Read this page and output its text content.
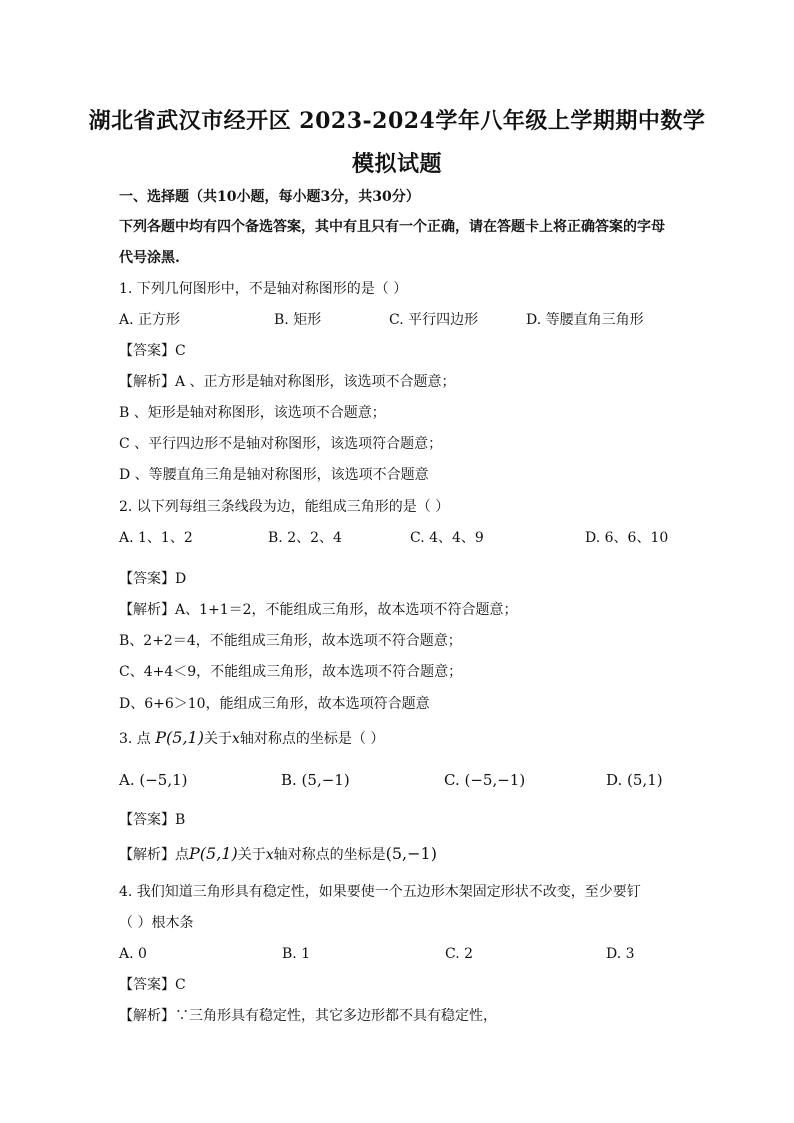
湖北省武汉市经开区 2023-2024学年八年级上学期期中数学
模拟试题
一、选择题（共10小题，每小题3分，共30分）
下列各题中均有四个备选答案，其中有且只有一个正确，请在答题卡上将正确答案的字母
代号涂黑.
1. 下列几何图形中，不是轴对称图形的是（ ）
A. 正方形	B. 矩形	C. 平行四边形	D. 等腰直角三角形
【答案】C
【解析】A 、正方形是轴对称图形，该选项不合题意；
B 、矩形是轴对称图形，该选项不合题意；
C 、平行四边形不是轴对称图形，该选项符合题意；
D 、等腰直角三角是轴对称图形，该选项不合题意
2. 以下列每组三条线段为边，能组成三角形的是（ ）
A. 1、1、2	B. 2、2、4	C. 4、4、9	D. 6、6、10
【答案】D
【解析】A、1+1＝2，不能组成三角形，故本选项不符合题意；
B、2+2＝4，不能组成三角形，故本选项不符合题意；
C、4+4＜9，不能组成三角形，故本选项不符合题意；
D、6+6＞10，能组成三角形，故本选项符合题意
3. 点 P(5,1)关于x轴对称点的坐标是（ ）
A. (−5,1)	B. (5,−1)	C. (−5,−1)	D. (5,1)
【答案】B
【解析】点P(5,1)关于x轴对称点的坐标是(5,−1)
4. 我们知道三角形具有稳定性，如果要使一个五边形木架固定形状不改变，至少要钉
（ ）根木条
A. 0	B. 1	C. 2	D. 3
【答案】C
【解析】∵三角形具有稳定性，其它多边形都不具有稳定性，
